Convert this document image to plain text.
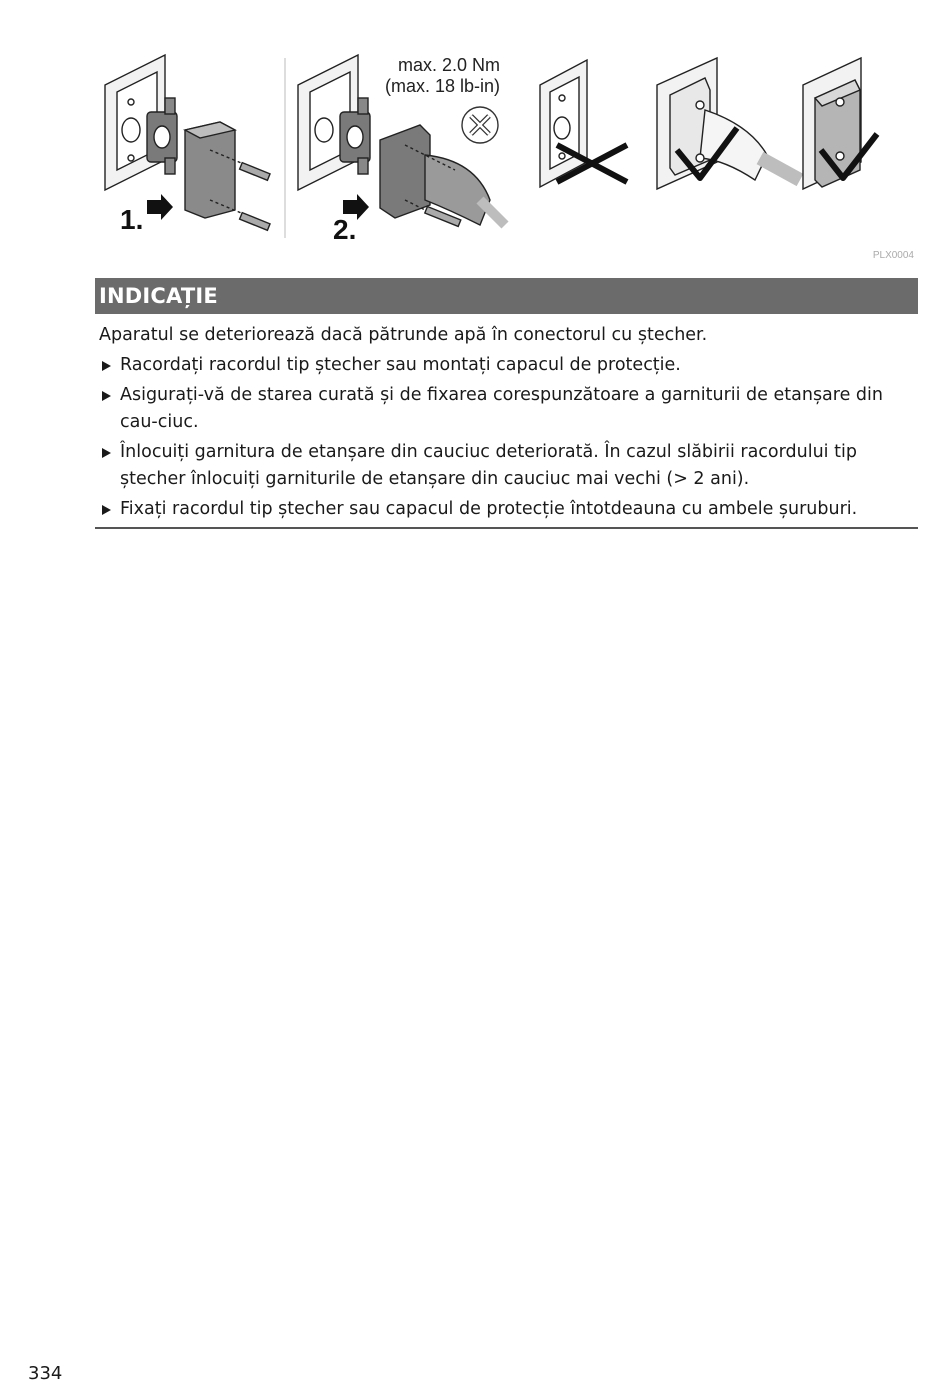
max. 2.0 Nm
(max. 18 lb-in)
1.	2.
PLX0004
INDICAȚIE

Aparatul se deteriorează dacă pătrunde apă în conectorul cu ștecher.

Racordați racordul tip ștecher sau montați capacul de protecție.
Asigurați-vă de starea curată și de fixarea corespunzătoare a garniturii de etanșare din cau-ciuc.
Înlocuiți garnitura de etanșare din cauciuc deteriorată. În cazul slăbirii racordului tip ștecher înlocuiți garniturile de etanșare din cauciuc mai vechi (> 2 ani).
Fixați racordul tip ștecher sau capacul de protecție întotdeauna cu ambele șuruburi.
334
